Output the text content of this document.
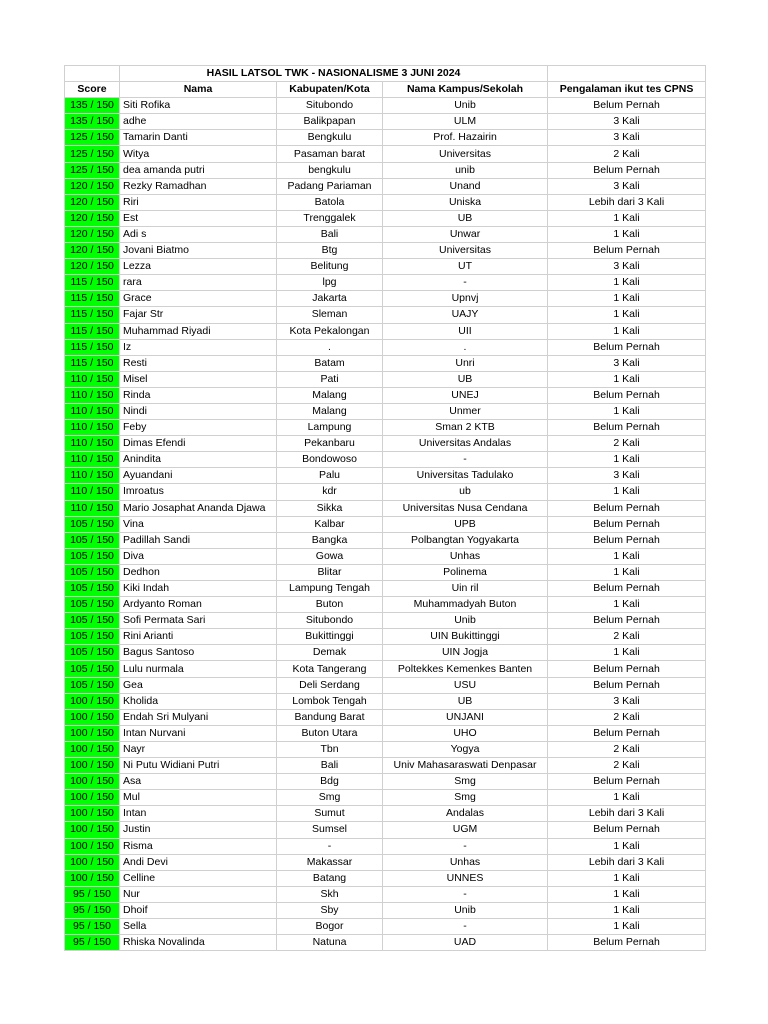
	HASIL LATSOL TWK - NASIONALISME 3 JUNI 2024			
Score	Nama	Kabupaten/Kota	Nama Kampus/Sekolah	Pengalaman ikut tes CPNS
135 / 150	Siti Rofika	Situbondo	Unib	Belum Pernah
135 / 150	adhe	Balikpapan	ULM	3 Kali
125 / 150	Tamarin Danti	Bengkulu	Prof. Hazairin	3 Kali
125 / 150	Witya	Pasaman barat	Universitas	2 Kali
125 / 150	dea amanda putri	bengkulu	unib	Belum Pernah
120 / 150	Rezky Ramadhan	Padang Pariaman	Unand	3 Kali
120 / 150	Riri	Batola	Uniska	Lebih dari 3 Kali
120 / 150	Est	Trenggalek	UB	1 Kali
120 / 150	Adi s	Bali	Unwar	1 Kali
120 / 150	Jovani Biatmo	Btg	Universitas	Belum Pernah
120 / 150	Lezza	Belitung	UT	3 Kali
115 / 150	rara	lpg	-	1 Kali
115 / 150	Grace	Jakarta	Upnvj	1 Kali
115 / 150	Fajar Str	Sleman	UAJY	1 Kali
115 / 150	Muhammad Riyadi	Kota Pekalongan	UII	1 Kali
115 / 150	Iz	.	.	Belum Pernah
115 / 150	Resti	Batam	Unri	3 Kali
110 / 150	Misel	Pati	UB	1 Kali
110 / 150	Rinda	Malang	UNEJ	Belum Pernah
110 / 150	Nindi	Malang	Unmer	1 Kali
110 / 150	Feby	Lampung	Sman 2 KTB	Belum Pernah
110 / 150	Dimas Efendi	Pekanbaru	Universitas Andalas	2 Kali
110 / 150	Anindita	Bondowoso	-	1 Kali
110 / 150	Ayuandani	Palu	Universitas Tadulako	3 Kali
110 / 150	Imroatus	kdr	ub	1 Kali
110 / 150	Mario Josaphat Ananda Djawa	Sikka	Universitas Nusa Cendana	Belum Pernah
105 / 150	Vina	Kalbar	UPB	Belum Pernah
105 / 150	Padillah Sandi	Bangka	Polbangtan Yogyakarta	Belum Pernah
105 / 150	Diva	Gowa	Unhas	1 Kali
105 / 150	Dedhon	Blitar	Polinema	1 Kali
105 / 150	Kiki Indah	Lampung Tengah	Uin ril	Belum Pernah
105 / 150	Ardyanto Roman	Buton	Muhammadyah Buton	1 Kali
105 / 150	Sofi Permata Sari	Situbondo	Unib	Belum Pernah
105 / 150	Rini Arianti	Bukittinggi	UIN Bukittinggi	2 Kali
105 / 150	Bagus Santoso	Demak	UIN Jogja	1 Kali
105 / 150	Lulu nurmala	Kota Tangerang	Poltekkes Kemenkes Banten	Belum Pernah
105 / 150	Gea	Deli Serdang	USU	Belum Pernah
100 / 150	Kholida	Lombok Tengah	UB	3 Kali
100 / 150	Endah Sri Mulyani	Bandung Barat	UNJANI	2 Kali
100 / 150	Intan Nurvani	Buton Utara	UHO	Belum Pernah
100 / 150	Nayr	Tbn	Yogya	2 Kali
100 / 150	Ni Putu Widiani Putri	Bali	Univ Mahasaraswati Denpasar	2 Kali
100 / 150	Asa	Bdg	Smg	Belum Pernah
100 / 150	Mul	Smg	Smg	1 Kali
100 / 150	Intan	Sumut	Andalas	Lebih dari 3 Kali
100 / 150	Justin	Sumsel	UGM	Belum Pernah
100 / 150	Risma	-	-	1 Kali
100 / 150	Andi Devi	Makassar	Unhas	Lebih dari 3 Kali
100 / 150	Celline	Batang	UNNES	1 Kali
95 / 150	Nur	Skh	-	1 Kali
95 / 150	Dhoif	Sby	Unib	1 Kali
95 / 150	Sella	Bogor	-	1 Kali
95 / 150	Rhiska Novalinda	Natuna	UAD	Belum Pernah
